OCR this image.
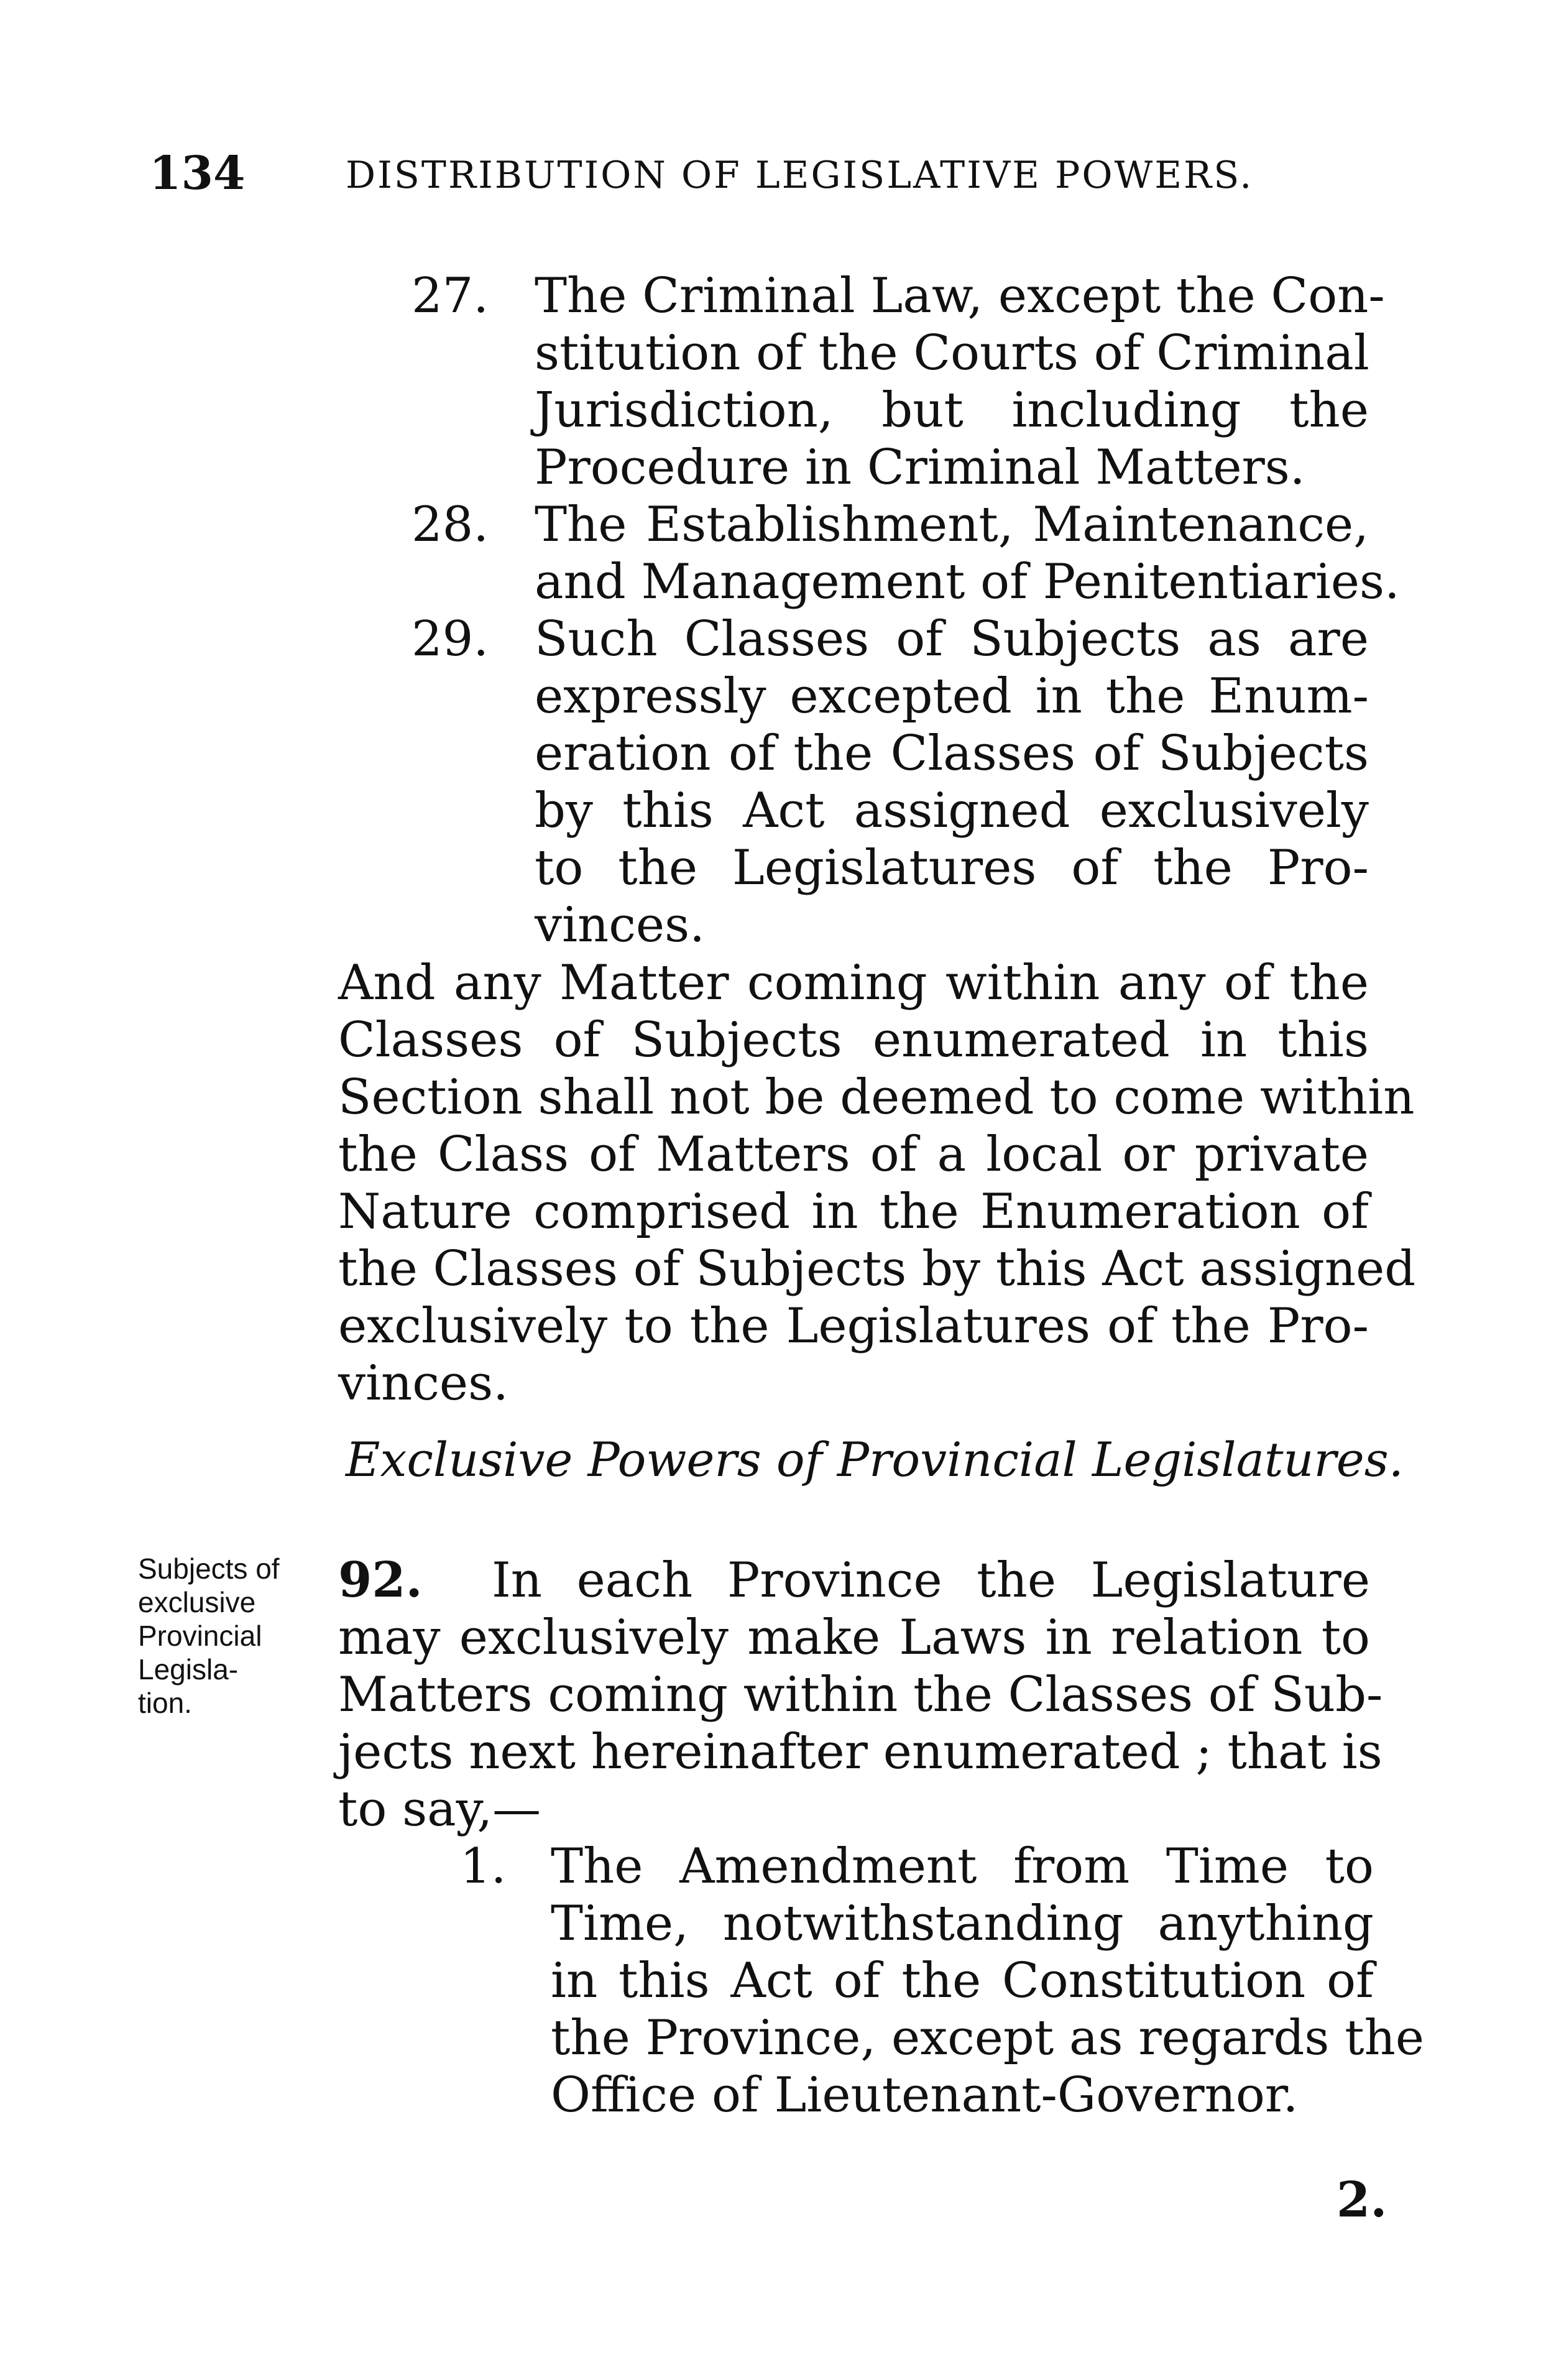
134	DISTRIBUTION OF LEGISLATIVE POWERS.
27. The Criminal Law, except the Con-
stitution of the Courts of Criminal
Jurisdiction, but including the
Procedure in Criminal Matters.
28. The Establishment, Maintenance,
and Management of Penitentiaries.
29. Such Classes of Subjects as are
expressly excepted in the Enum-
eration of the Classes of Subjects
by this Act assigned exclusively
to the Legislatures of the Pro-
vinces.
And any Matter coming within any of the
Classes of Subjects enumerated in this
Section shall not be deemed to come within
the Class of Matters of a local or private
Nature comprised in the Enumeration of
the Classes of Subjects by this Act assigned
exclusively to the Legislatures of the Pro-
vinces.
Exclusive Powers of Provincial Legislatures.
Subjects of
exclusive
Provincial
Legisla-
tion.
92. In each Province the Legislature
may exclusively make Laws in relation to
Matters coming within the Classes of Sub-
jects next hereinafter enumerated ; that is
to say,—
1. The Amendment from Time to
Time, notwithstanding anything
in this Act of the Constitution of
the Province, except as regards the
Office of Lieutenant-Governor.
2.
